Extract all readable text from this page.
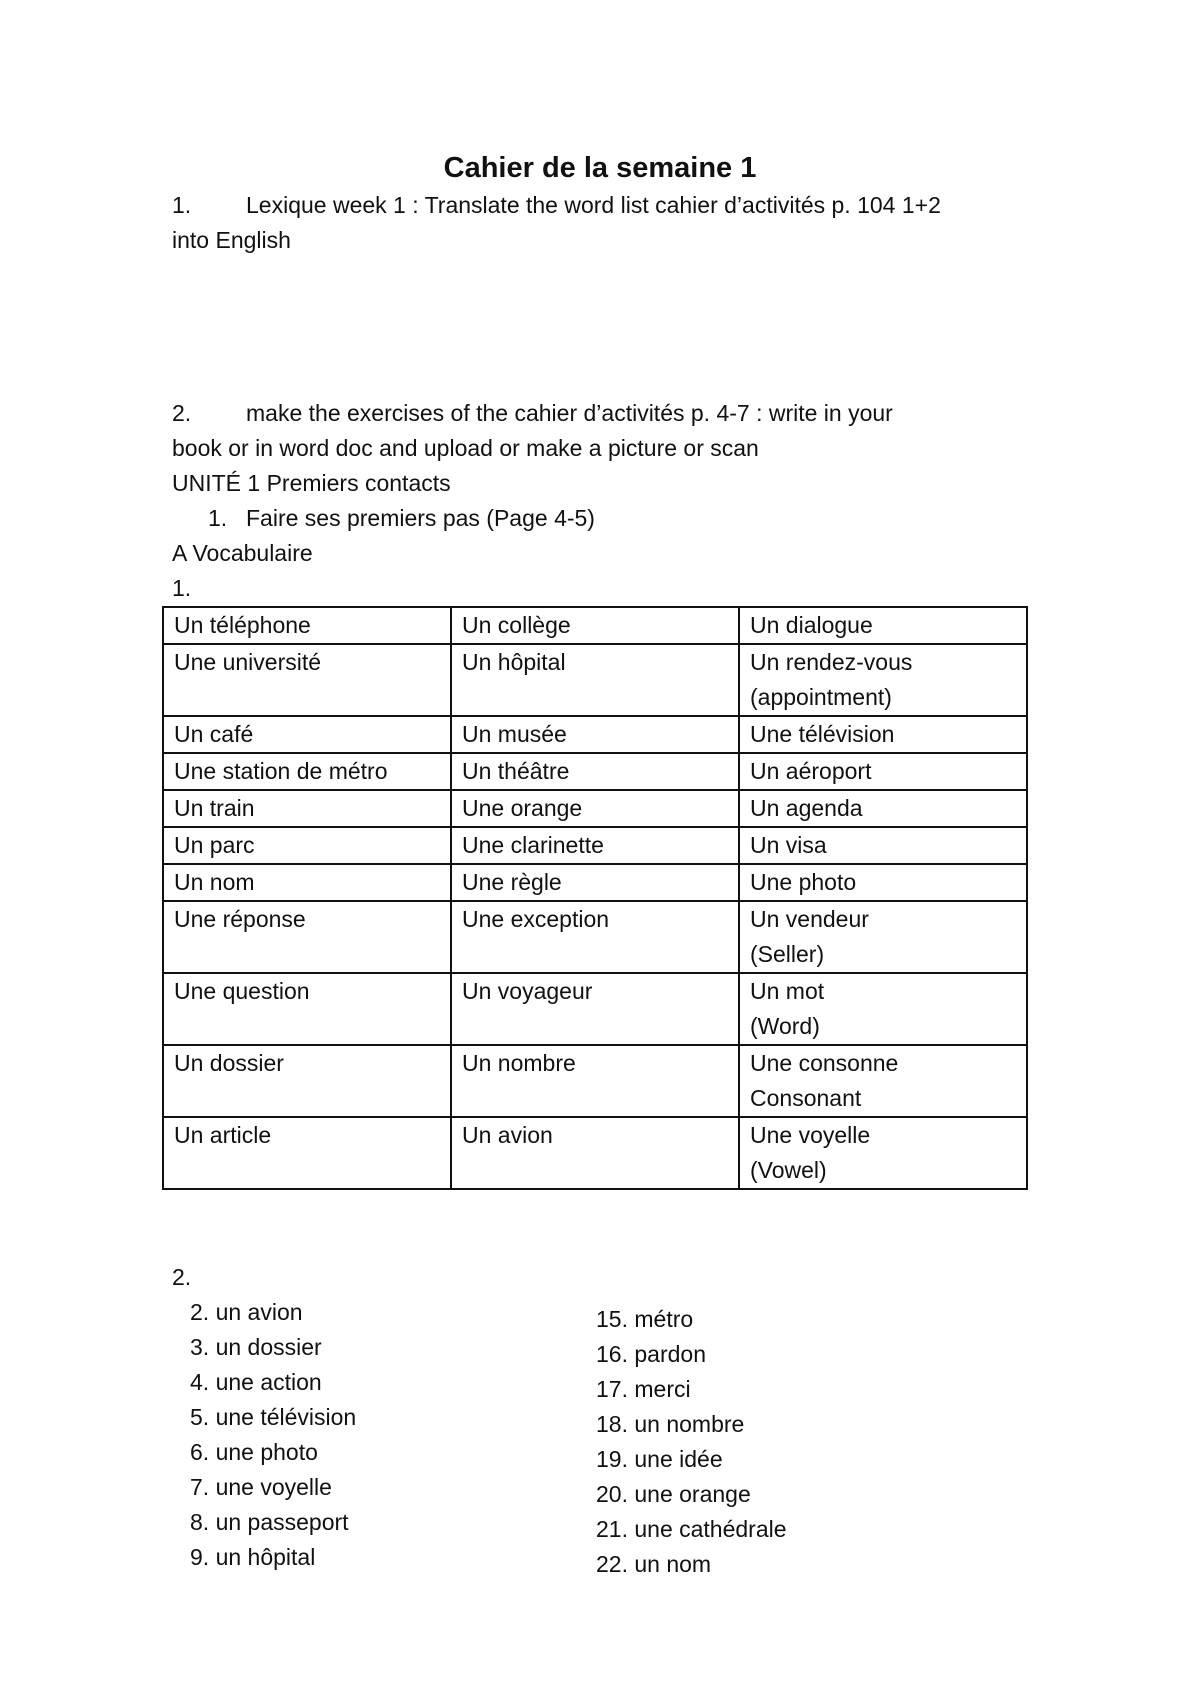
Cahier de la semaine 1
1.	Lexique week 1 : Translate the word list cahier d’activités p. 104 1+2
into English
2.	make the exercises of the cahier d’activités p. 4-7 : write in your
book or in word doc and upload or make a picture or scan
UNITÉ 1 Premiers contacts
1. Faire ses premiers pas (Page 4-5)
A Vocabulaire
1.
Un téléphone	Un collège	Un dialogue

Une université	Un hôpital	Un rendez-vous
(appointment)

Un café	Un musée	Une télévision

Une station de métro	Un théâtre	Un aéroport

Un train	Une orange	Un agenda

Un parc	Une clarinette	Un visa

Un nom	Une règle	Une photo

Une réponse	Une exception	Un vendeur
(Seller)

Une question	Un voyageur	Un mot
(Word)

Un dossier	Un nombre	Une consonne
Consonant

Un article	Un avion	Une voyelle
(Vowel)
2.
2. un avion
3. un dossier
4. une action
5. une télévision
6. une photo
7. une voyelle
8. un passeport
9. un hôpital
15. métro
16. pardon
17. merci
18. un nombre
19. une idée
20. une orange
21. une cathédrale
22. un nom
